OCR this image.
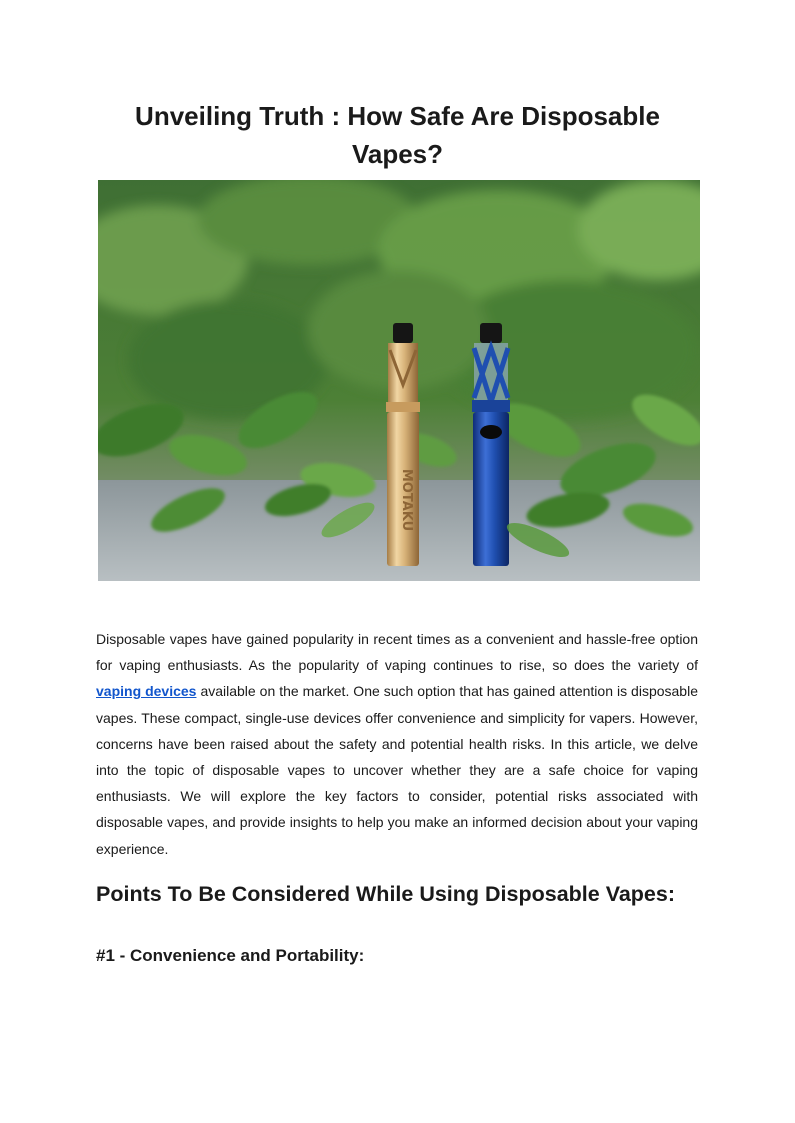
Unveiling Truth : How Safe Are Disposable Vapes?
MOTAKU

Disposable vapes have gained popularity in recent times as a convenient and hassle-free option for vaping enthusiasts. As the popularity of vaping continues to rise, so does the variety of vaping devices available on the market. One such option that has gained attention is disposable vapes. These compact, single-use devices offer convenience and simplicity for vapers. However, concerns have been raised about the safety and potential health risks. In this article, we delve into the topic of disposable vapes to uncover whether they are a safe choice for vaping enthusiasts. We will explore the key factors to consider, potential risks associated with disposable vapes, and provide insights to help you make an informed decision about your vaping experience.

Points To Be Considered While Using Disposable Vapes:
#1 - Convenience and Portability:
